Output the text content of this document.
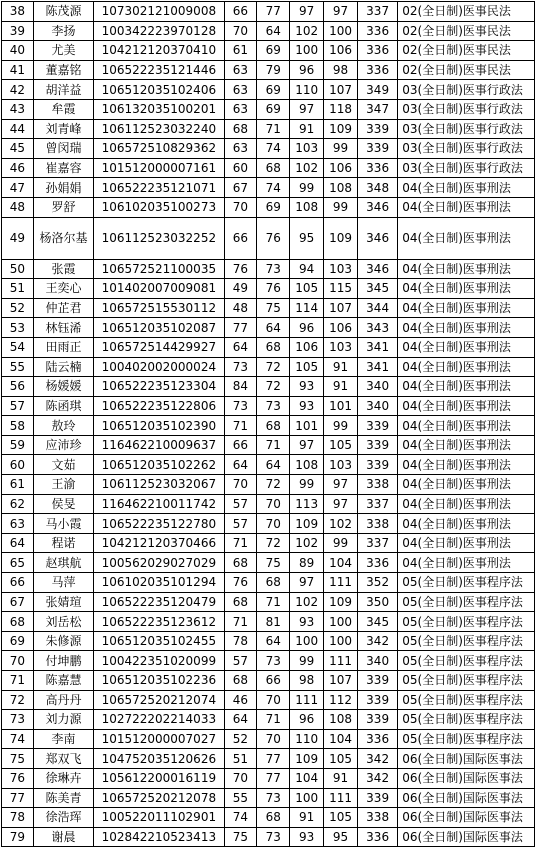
38	陈茂源	107302121009008	66	77	97	97	337	02(全日制)医事民法
39	李扬	100342223970128	70	64	102	100	336	02(全日制)医事民法
40	尤美	104212120370410	61	69	100	106	336	02(全日制)医事民法
41	董嘉铭	106522235121446	63	79	96	98	336	02(全日制)医事民法
42	胡洋益	106512035102406	63	69	110	107	349	03(全日制)医事行政法
43	牟霞	106132035100201	63	69	97	118	347	03(全日制)医事行政法
44	刘青峰	106112523032240	68	71	91	109	339	03(全日制)医事行政法
45	曾闵瑞	106572510829362	63	74	103	99	339	03(全日制)医事行政法
46	崔嘉容	101512000007161	60	68	102	106	336	03(全日制)医事行政法
47	孙娟娟	106522235121071	67	74	99	108	348	04(全日制)医事刑法
48	罗舒	106102035100273	70	69	108	99	346	04(全日制)医事刑法
49	杨洛尔基	106112523032252	66	76	95	109	346	04(全日制)医事刑法
50	张霞	106572521100035	76	73	94	103	346	04(全日制)医事刑法
51	王奕心	101402007009081	49	76	105	115	345	04(全日制)医事刑法
52	仲芷君	106572515530112	48	75	114	107	344	04(全日制)医事刑法
53	林钰浠	106512035102087	77	64	96	106	343	04(全日制)医事刑法
54	田雨正	106572514429927	64	68	106	103	341	04(全日制)医事刑法
55	陆云楠	100402002000024	73	72	105	91	341	04(全日制)医事刑法
56	杨媛媛	106522235123304	84	72	93	91	340	04(全日制)医事刑法
57	陈函琪	106522235122806	73	73	93	101	340	04(全日制)医事刑法
58	敖玲	106512035102390	71	68	101	99	339	04(全日制)医事刑法
59	应沛珍	116462210009637	66	71	97	105	339	04(全日制)医事刑法
60	文茹	106512035102262	64	64	108	103	339	04(全日制)医事刑法
61	王渝	106112523032067	70	72	99	97	338	04(全日制)医事刑法
62	侯旻	116462210011742	57	70	113	97	337	04(全日制)医事刑法
63	马小霞	106522235122780	57	70	109	102	338	04(全日制)医事刑法
64	程诺	104212120370466	71	72	102	99	337	04(全日制)医事刑法
65	赵琪航	100562029027029	68	75	89	104	336	04(全日制)医事刑法
66	马萍	106102035101294	76	68	97	111	352	05(全日制)医事程序法
67	张婧瑄	106522235120479	68	71	102	109	350	05(全日制)医事程序法
68	刘岳松	106522235123612	71	81	93	100	345	05(全日制)医事程序法
69	朱修源	106512035102455	78	64	100	100	342	05(全日制)医事程序法
70	付坤鹏	100422351020099	57	73	99	111	340	05(全日制)医事程序法
71	陈嘉慧	106512035102236	68	66	98	107	339	05(全日制)医事程序法
72	高丹丹	106572520212074	46	70	111	112	339	05(全日制)医事程序法
73	刘力源	102722202214033	64	71	96	108	339	05(全日制)医事程序法
74	李南	101512000007027	52	70	110	104	336	05(全日制)医事程序法
75	郑双飞	104752035120626	51	77	109	105	342	06(全日制)国际医事法
76	徐琳卉	105612200016119	70	77	104	91	342	06(全日制)国际医事法
77	陈美青	106572520212078	55	73	100	111	339	06(全日制)国际医事法
78	徐浩珲	100522011102901	74	68	91	105	338	06(全日制)国际医事法
79	谢晨	102842210523413	75	73	93	95	336	06(全日制)国际医事法
